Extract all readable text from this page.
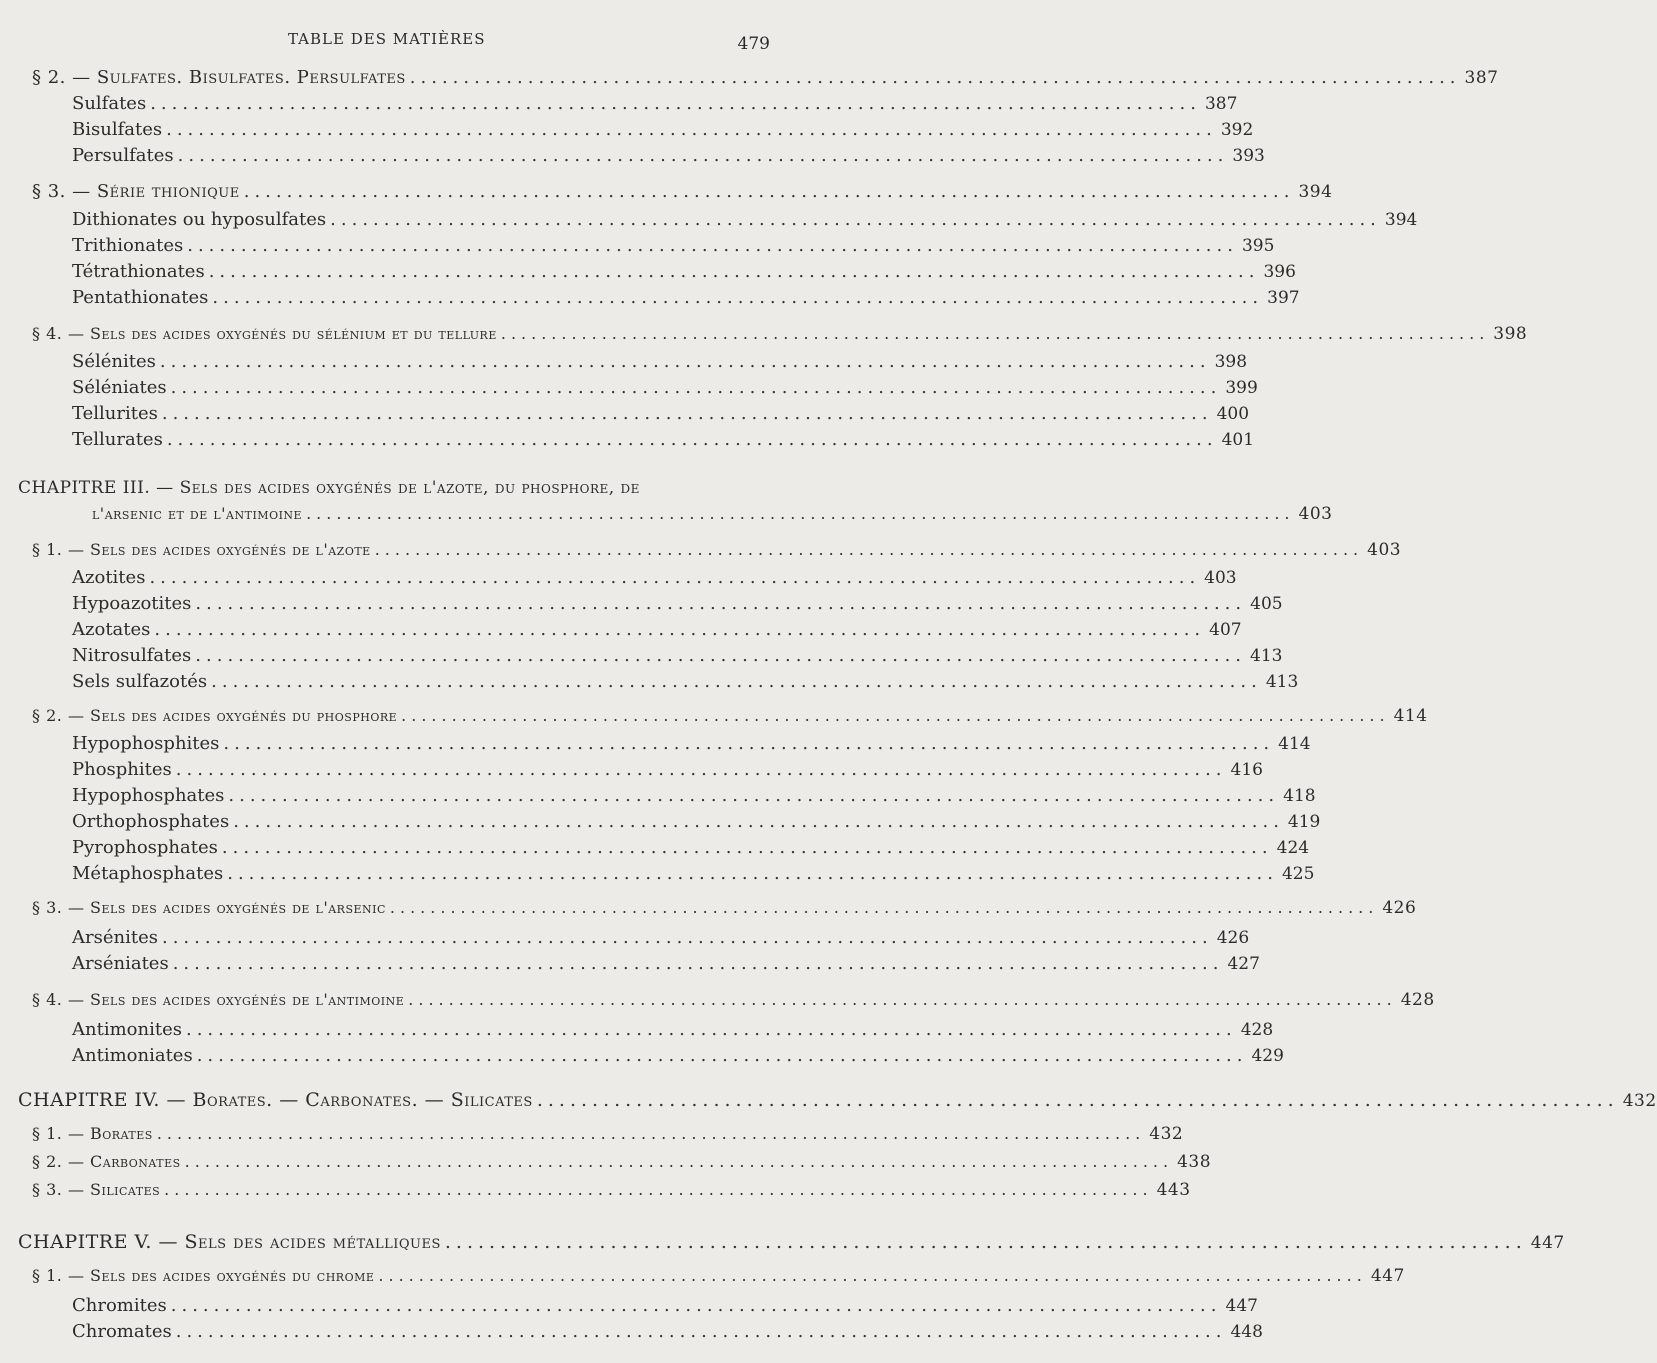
TABLE DES MATIÈRES	479
§ 2. — Sulfates. Bisulfates. Persulfates .................................................................................................. 387
Sulfates .................................................................................................. 387
Bisulfates .................................................................................................. 392
Persulfates .................................................................................................. 393
§ 3. — Série thionique .................................................................................................. 394
Dithionates ou hyposulfates .................................................................................................. 394
Trithionates .................................................................................................. 395
Tétrathionates .................................................................................................. 396
Pentathionates .................................................................................................. 397
§ 4. — Sels des acides oxygénés du sélénium et du tellure .................................................................................................. 398
Sélénites .................................................................................................. 398
Séléniates .................................................................................................. 399
Tellurites .................................................................................................. 400
Tellurates .................................................................................................. 401
CHAPITRE III. — Sels des acides oxygénés de l'azote, du phosphore, de
l'arsenic et de l'antimoine .................................................................................................. 403
§ 1. — Sels des acides oxygénés de l'azote .................................................................................................. 403
Azotites .................................................................................................. 403
Hypoazotites .................................................................................................. 405
Azotates .................................................................................................. 407
Nitrosulfates .................................................................................................. 413
Sels sulfazotés .................................................................................................. 413
§ 2. — Sels des acides oxygénés du phosphore .................................................................................................. 414
Hypophosphites .................................................................................................. 414
Phosphites .................................................................................................. 416
Hypophosphates .................................................................................................. 418
Orthophosphates .................................................................................................. 419
Pyrophosphates .................................................................................................. 424
Métaphosphates .................................................................................................. 425
§ 3. — Sels des acides oxygénés de l'arsenic .................................................................................................. 426
Arsénites .................................................................................................. 426
Arséniates .................................................................................................. 427
§ 4. — Sels des acides oxygénés de l'antimoine .................................................................................................. 428
Antimonites .................................................................................................. 428
Antimoniates .................................................................................................. 429
CHAPITRE IV. — Borates. — Carbonates. — Silicates .................................................................................................. 432
§ 1. — Borates .................................................................................................. 432
§ 2. — Carbonates .................................................................................................. 438
§ 3. — Silicates .................................................................................................. 443
CHAPITRE V. — Sels des acides métalliques .................................................................................................. 447
§ 1. — Sels des acides oxygénés du chrome .................................................................................................. 447
Chromites .................................................................................................. 447
Chromates .................................................................................................. 448
